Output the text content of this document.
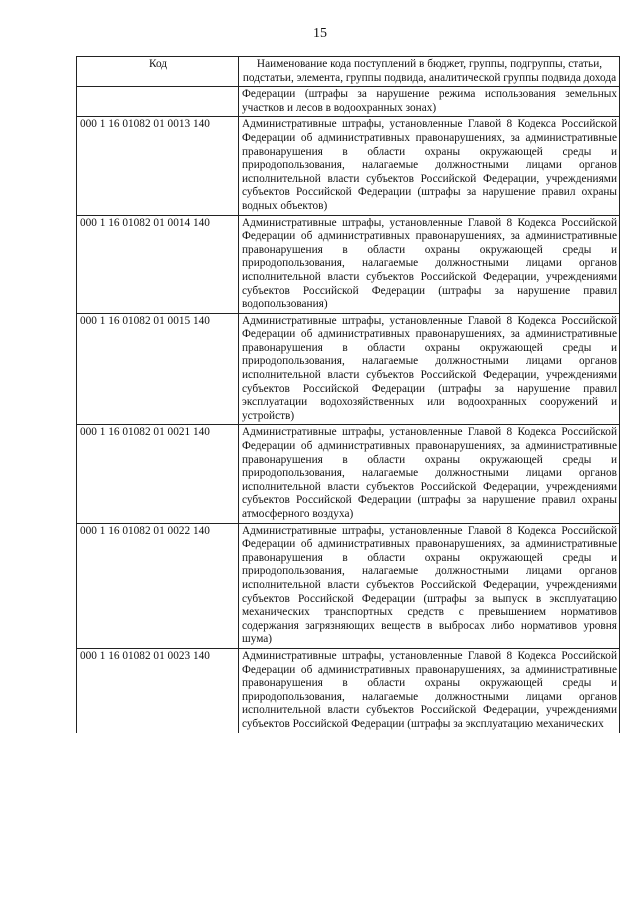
15
Код	Наименование кода поступлений в бюджет, группы, подгруппы, статьи, подстатьи, элемента, группы подвида, аналитической группы подвида дохода
	Федерации (штрафы за нарушение режима использования земельных участков и лесов в водоохранных зонах)
000 1 16 01082 01 0013 140	Административные штрафы, установленные Главой 8 Кодекса Российской Федерации об административных правонарушениях, за административные правонарушения в области охраны окружающей среды и природопользования, налагаемые должностными лицами органов исполнительной власти субъектов Российской Федерации, учреждениями субъектов Российской Федерации (штрафы за нарушение правил охраны водных объектов)
000 1 16 01082 01 0014 140	Административные штрафы, установленные Главой 8 Кодекса Российской Федерации об административных правонарушениях, за административные правонарушения в области охраны окружающей среды и природопользования, налагаемые должностными лицами органов исполнительной власти субъектов Российской Федерации, учреждениями субъектов Российской Федерации (штрафы за нарушение правил водопользования)
000 1 16 01082 01 0015 140	Административные штрафы, установленные Главой 8 Кодекса Российской Федерации об административных правонарушениях, за административные правонарушения в области охраны окружающей среды и природопользования, налагаемые должностными лицами органов исполнительной власти субъектов Российской Федерации, учреждениями субъектов Российской Федерации (штрафы за нарушение правил эксплуатации водохозяйственных или водоохранных сооружений и устройств)
000 1 16 01082 01 0021 140	Административные штрафы, установленные Главой 8 Кодекса Российской Федерации об административных правонарушениях, за административные правонарушения в области охраны окружающей среды и природопользования, налагаемые должностными лицами органов исполнительной власти субъектов Российской Федерации, учреждениями субъектов Российской Федерации (штрафы за нарушение правил охраны атмосферного воздуха)
000 1 16 01082 01 0022 140	Административные штрафы, установленные Главой 8 Кодекса Российской Федерации об административных правонарушениях, за административные правонарушения в области охраны окружающей среды и природопользования, налагаемые должностными лицами органов исполнительной власти субъектов Российской Федерации, учреждениями субъектов Российской Федерации (штрафы за выпуск в эксплуатацию механических транспортных средств с превышением нормативов содержания загрязняющих веществ в выбросах либо нормативов уровня шума)
000 1 16 01082 01 0023 140	Административные штрафы, установленные Главой 8 Кодекса Российской Федерации об административных правонарушениях, за административные правонарушения в области охраны окружающей среды и природопользования, налагаемые должностными лицами органов исполнительной власти субъектов Российской Федерации, учреждениями субъектов Российской Федерации (штрафы за эксплуатацию механических
